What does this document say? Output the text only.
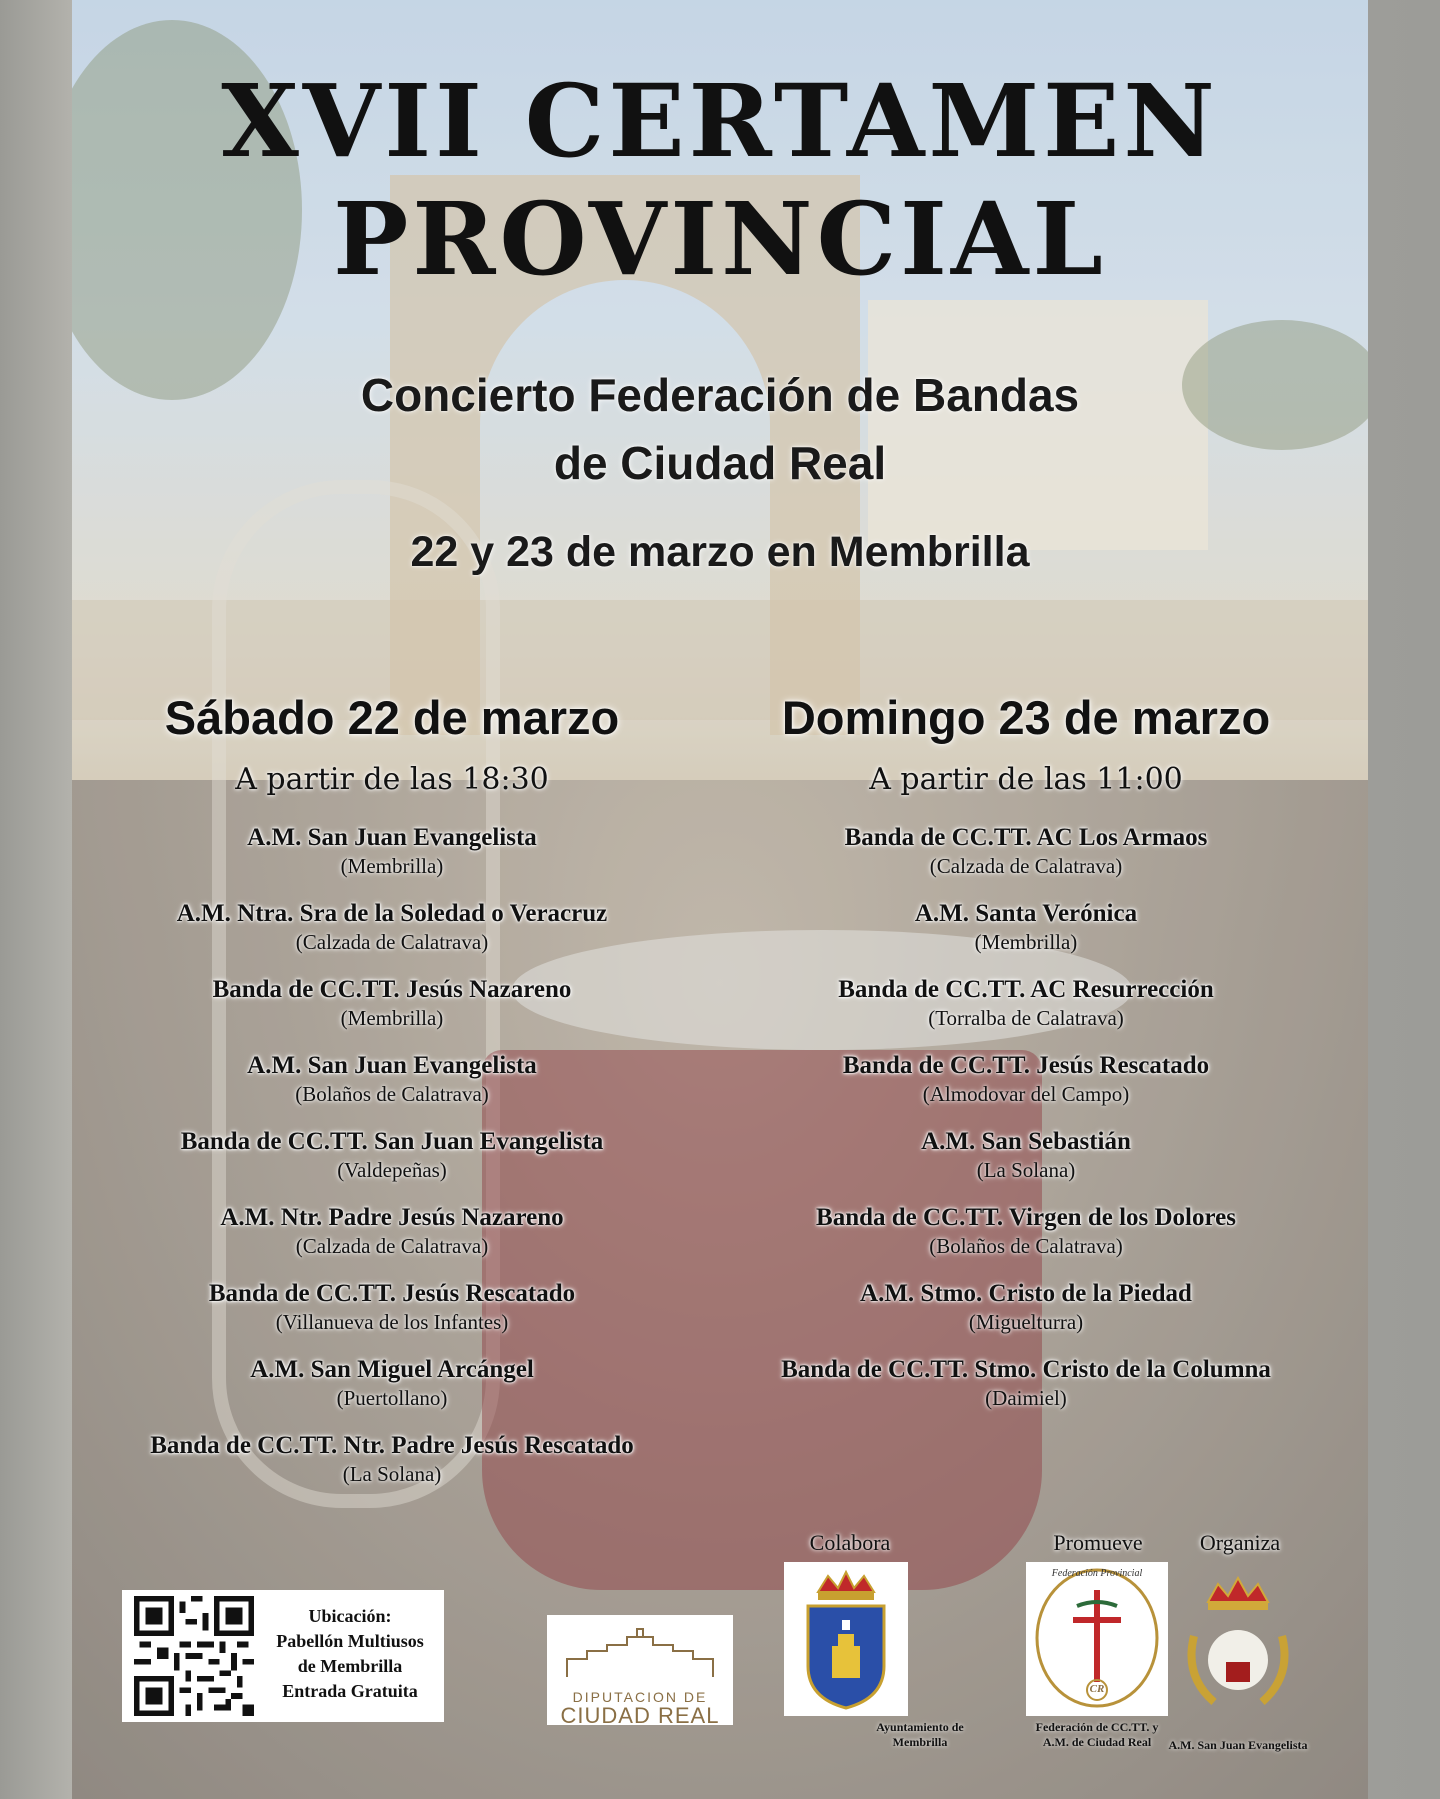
XVII CERTAMEN
PROVINCIAL
Concierto Federación de Bandas
de Ciudad Real
22 y 23 de marzo en Membrilla
Sábado 22 de marzo
A partir de las 18:30
A.M. San Juan Evangelista
(Membrilla)
A.M. Ntra. Sra de la Soledad o Veracruz
(Calzada de Calatrava)
Banda de CC.TT. Jesús Nazareno
(Membrilla)
A.M. San Juan Evangelista
(Bolaños de Calatrava)
Banda de CC.TT. San Juan Evangelista
(Valdepeñas)
A.M. Ntr. Padre Jesús Nazareno
(Calzada de Calatrava)
Banda de CC.TT. Jesús Rescatado
(Villanueva de los Infantes)
A.M. San Miguel Arcángel
(Puertollano)
Banda de CC.TT. Ntr. Padre Jesús Rescatado
(La Solana)
Domingo 23 de marzo
A partir de las 11:00
Banda de CC.TT. AC Los Armaos
(Calzada de Calatrava)
A.M. Santa Verónica
(Membrilla)
Banda de CC.TT. AC Resurrección
(Torralba de Calatrava)
Banda de CC.TT. Jesús Rescatado
(Almodovar del Campo)
A.M. San Sebastián
(La Solana)
Banda de CC.TT. Virgen de los Dolores
(Bolaños de Calatrava)
A.M. Stmo. Cristo de la Piedad
(Miguelturra)
Banda de CC.TT. Stmo. Cristo de la Columna
(Daimiel)
Ubicación:
Pabellón Multiusos
de Membrilla
Entrada Gratuita	DIPUTACION DE
CIUDAD REAL
Colabora
Ayuntamiento de
Membrilla
Promueve
Federación Provincial
CR
Federación de CC.TT. y
A.M. de Ciudad Real
Organiza
A.M. San Juan Evangelista
